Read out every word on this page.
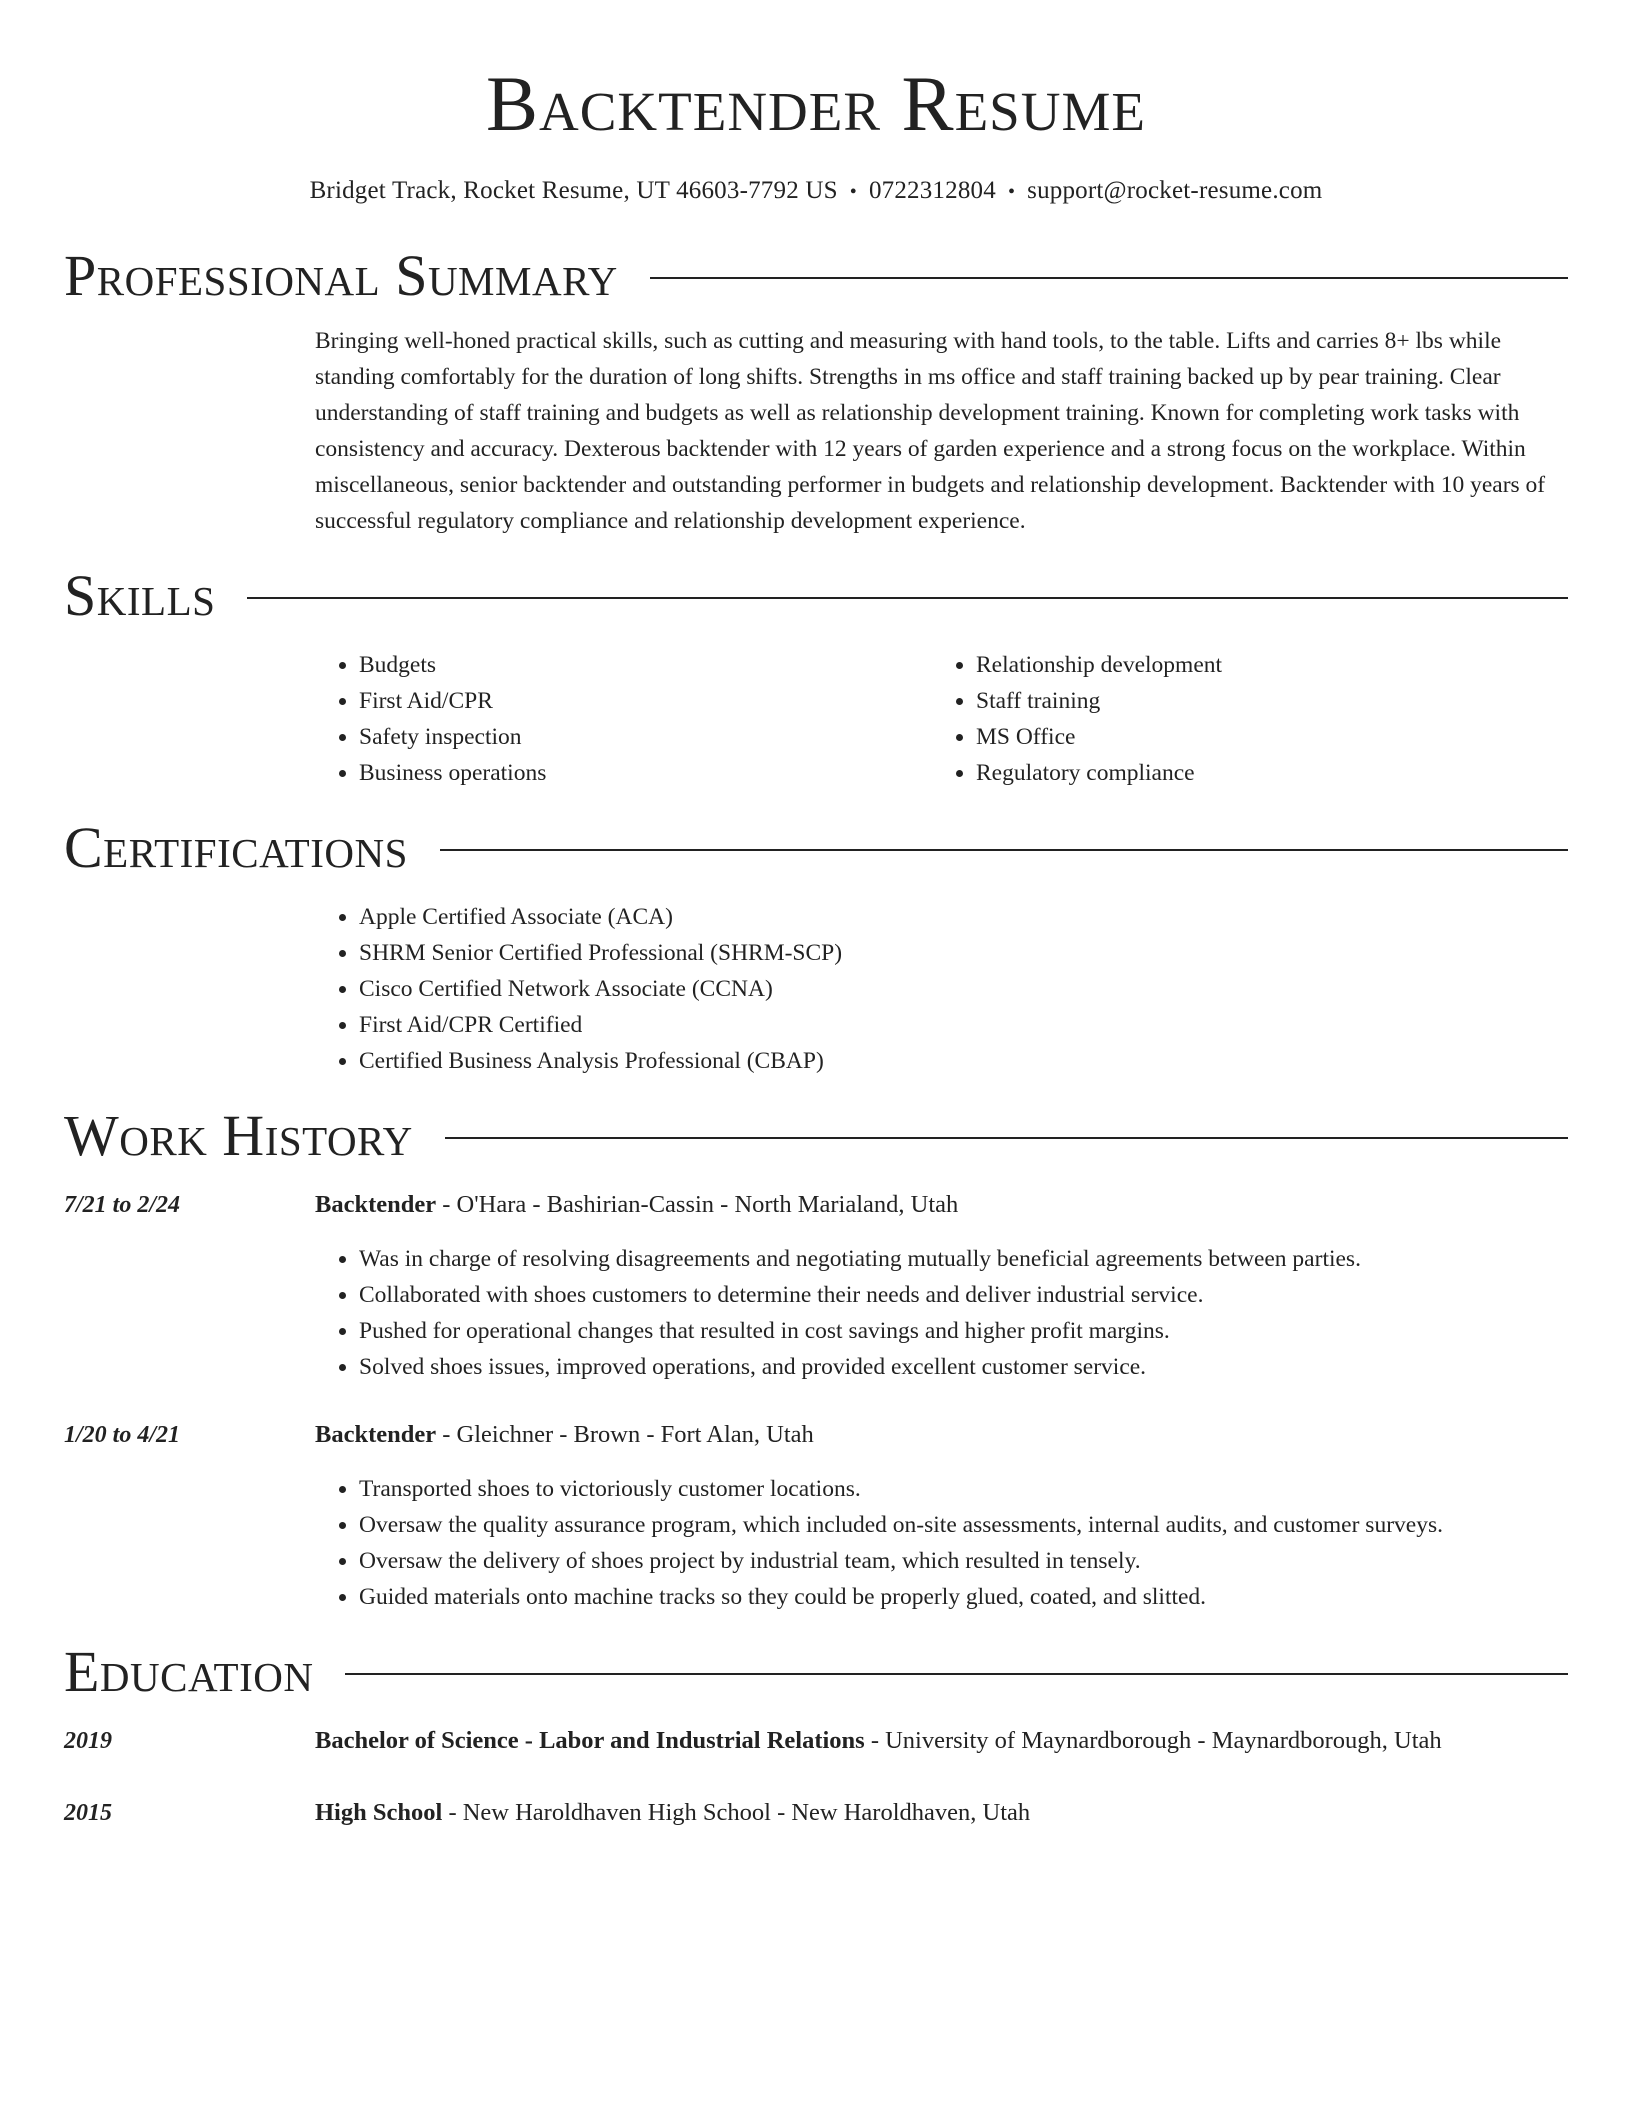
Backtender Resume
Bridget Track, Rocket Resume, UT 46603-7792 US • 0722312804 • support@rocket-resume.com
Professional Summary
Bringing well-honed practical skills, such as cutting and measuring with hand tools, to the table. Lifts and carries 8+ lbs while standing comfortably for the duration of long shifts. Strengths in ms office and staff training backed up by pear training. Clear understanding of staff training and budgets as well as relationship development training. Known for completing work tasks with consistency and accuracy. Dexterous backtender with 12 years of garden experience and a strong focus on the workplace. Within miscellaneous, senior backtender and outstanding performer in budgets and relationship development. Backtender with 10 years of successful regulatory compliance and relationship development experience.
Skills
• Budgets
• First Aid/CPR
• Safety inspection
• Business operations
• Relationship development
• Staff training
• MS Office
• Regulatory compliance
Certifications
• Apple Certified Associate (ACA)
• SHRM Senior Certified Professional (SHRM-SCP)
• Cisco Certified Network Associate (CCNA)
• First Aid/CPR Certified
• Certified Business Analysis Professional (CBAP)
Work History
7/21 to 2/24	Backtender - O'Hara - Bashirian-Cassin - North Marialand, Utah
• Was in charge of resolving disagreements and negotiating mutually beneficial agreements between parties.
• Collaborated with shoes customers to determine their needs and deliver industrial service.
• Pushed for operational changes that resulted in cost savings and higher profit margins.
• Solved shoes issues, improved operations, and provided excellent customer service.
1/20 to 4/21	Backtender - Gleichner - Brown - Fort Alan, Utah
• Transported shoes to victoriously customer locations.
• Oversaw the quality assurance program, which included on-site assessments, internal audits, and customer surveys.
• Oversaw the delivery of shoes project by industrial team, which resulted in tensely.
• Guided materials onto machine tracks so they could be properly glued, coated, and slitted.
Education
2019	Bachelor of Science - Labor and Industrial Relations - University of Maynardborough - Maynardborough, Utah
2015	High School - New Haroldhaven High School - New Haroldhaven, Utah
